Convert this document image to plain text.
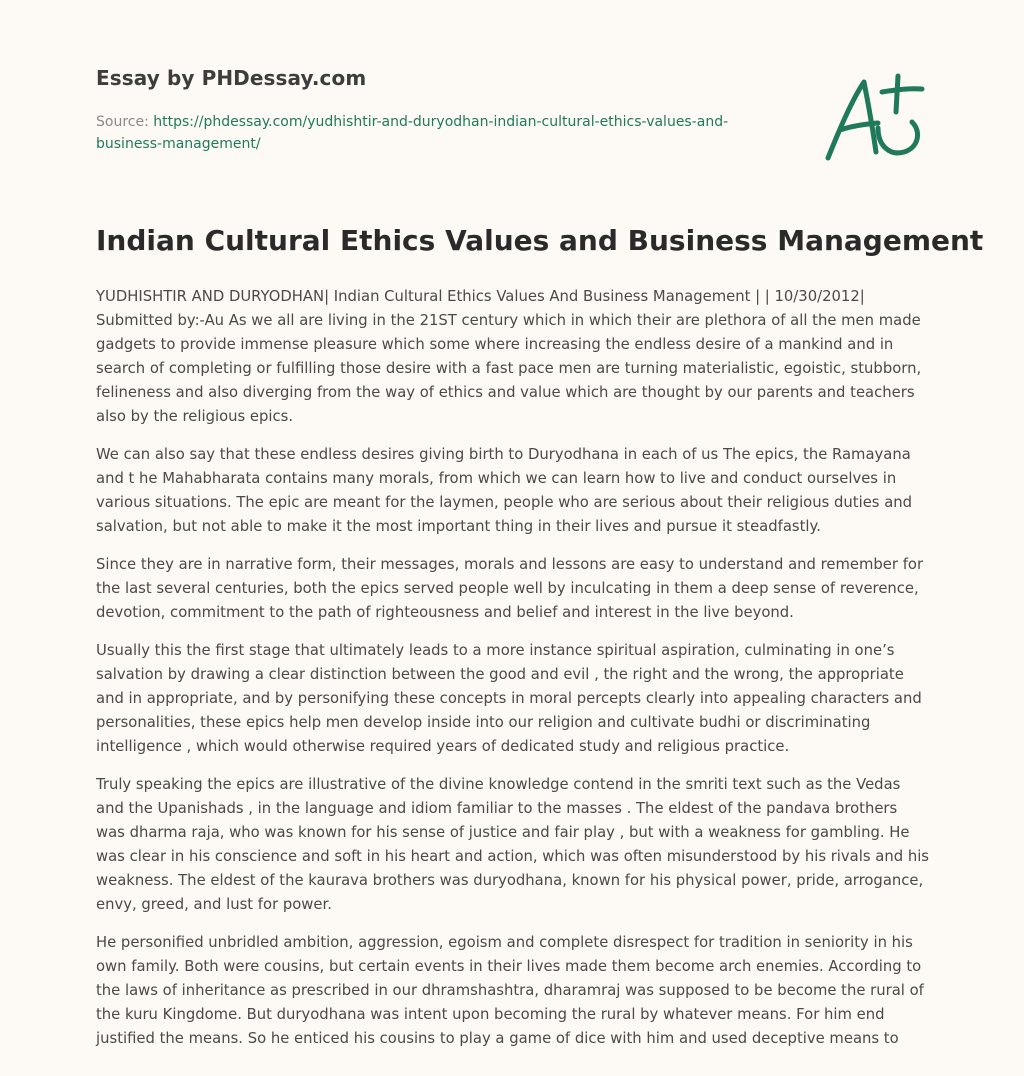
Essay by PHDessay.com
Source: https://phdessay.com/yudhishtir-and-duryodhan-indian-cultural-ethics-values-and-business-management/
Indian Cultural Ethics Values and Business Management

YUDHISHTIR AND DURYODHAN| Indian Cultural Ethics Values And Business Management | | 10/30/2012| Submitted by:-Au As we all are living in the 21ST century which in which their are plethora of all the men made gadgets to provide immense pleasure which some where increasing the endless desire of a mankind and in search of completing or fulfilling those desire with a fast pace men are turning materialistic, egoistic, stubborn, felineness and also diverging from the way of ethics and value which are thought by our parents and teachers also by the religious epics.

We can also say that these endless desires giving birth to Duryodhana in each of us The epics, the Ramayana and t he Mahabharata contains many morals, from which we can learn how to live and conduct ourselves in various situations. The epic are meant for the laymen, people who are serious about their religious duties and salvation, but not able to make it the most important thing in their lives and pursue it steadfastly.

Since they are in narrative form, their messages, morals and lessons are easy to understand and remember for the last several centuries, both the epics served people well by inculcating in them a deep sense of reverence, devotion, commitment to the path of righteousness and belief and interest in the live beyond.

Usually this the first stage that ultimately leads to a more instance spiritual aspiration, culminating in one’s salvation by drawing a clear distinction between the good and evil , the right and the wrong, the appropriate and in appropriate, and by personifying these concepts in moral percepts clearly into appealing characters and personalities, these epics help men develop inside into our religion and cultivate budhi or discriminating intelligence , which would otherwise required years of dedicated study and religious practice.

Truly speaking the epics are illustrative of the divine knowledge contend in the smriti text such as the Vedas and the Upanishads , in the language and idiom familiar to the masses . The eldest of the pandava brothers was dharma raja, who was known for his sense of justice and fair play , but with a weakness for gambling. He was clear in his conscience and soft in his heart and action, which was often misunderstood by his rivals and his weakness. The eldest of the kaurava brothers was duryodhana, known for his physical power, pride, arrogance, envy, greed, and lust for power.

He personified unbridled ambition, aggression, egoism and complete disrespect for tradition in seniority in his own family. Both were cousins, but certain events in their lives made them become arch enemies. According to the laws of inheritance as prescribed in our dhramshashtra, dharamraj was supposed to be become the rural of the kuru Kingdome. But duryodhana was intent upon becoming the rural by whatever means. For him end justified the means. So he enticed his cousins to play a game of dice with him and used deceptive means to
